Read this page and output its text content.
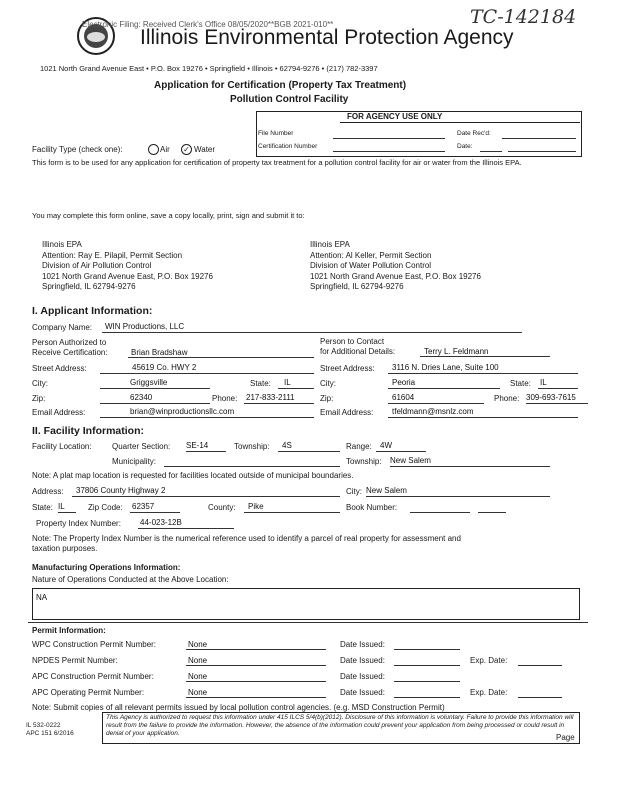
Electronic Filing: Received Clerk's Office 08/05/2020**BGB 2021-010**	TC-142184
Illinois Environmental Protection Agency
1021 North Grand Avenue East • P.O. Box 19276 • Springfield • Illinois • 62794-9276 • (217) 782-3397
Application for Certification (Property Tax Treatment)
Pollution Control Facility
FOR AGENCY USE ONLY
File Number
Certification Number
Date Rec'd:
Date:
Facility Type (check one):	Air ✓ Water
This form is to be used for any application for certification of property tax treatment for a pollution control facility for air or water from the Illinois EPA.
You may complete this form online, save a copy locally, print, sign and submit it to:
Illinois EPA
Attention: Ray E. Pilapil, Permit Section
Division of Air Pollution Control
1021 North Grand Avenue East, P.O. Box 19276
Springfield, IL 62794-9276
Illinois EPA
Attention: Al Keller, Permit Section
Division of Water Pollution Control
1021 North Grand Avenue East, P.O. Box 19276
Springfield, IL 62794-9276
I. Applicant Information:
Company Name: WIN Productions, LLC
Person Authorized to
Receive Certification:	Brian Bradshaw
Person to Contact
for Additional Details:	Terry L. Feldmann
Street Address:	45619 Co. HWY 2	Street Address: 3116 N. Dries Lane, Suite 100
City:	Griggsville	State: IL	City:	Peoria	State: IL
Zip:	62340	Phone: 217-833-2111	Zip:	61604	Phone: 309-693-7615
Email Address:	brian@winproductionsllc.com	Email Address: tfeldmann@msnlz.com
II. Facility Information:
Facility Location:	Quarter Section: SE-14	Township: 4S	Range: 4W
Municipality:	Township: New Salem
Note: A plat map location is requested for facilities located outside of municipal boundaries.
Address: 37806 County Highway 2	City: New Salem
State: IL	Zip Code: 62357	County: Pike	Book Number:
Property Index Number: 44-023-12B
Note: The Property Index Number is the numerical reference used to identify a parcel of real property for assessment and
taxation purposes.
Manufacturing Operations Information:
Nature of Operations Conducted at the Above Location:
NA
Permit Information:
WPC Construction Permit Number:	None	Date Issued:
NPDES Permit Number:	None	Date Issued:	Exp. Date:
APC Construction Permit Number:	None	Date Issued:
APC Operating Permit Number:	None	Date Issued:	Exp. Date:
Note: Submit copies of all relevant permits issued by local pollution control agencies. (e.g. MSD Construction Permit)
This Agency is authorized to request this information under 415 ILCS 5/4(b)(2012). Disclosure of this information is voluntary. Failure to provide this information will result from the failure to provide the information. However, the absence of the information could prevent your application from being processed or could result in denial of your application.
IL 532-0222
APC 151 6/2016	Page
